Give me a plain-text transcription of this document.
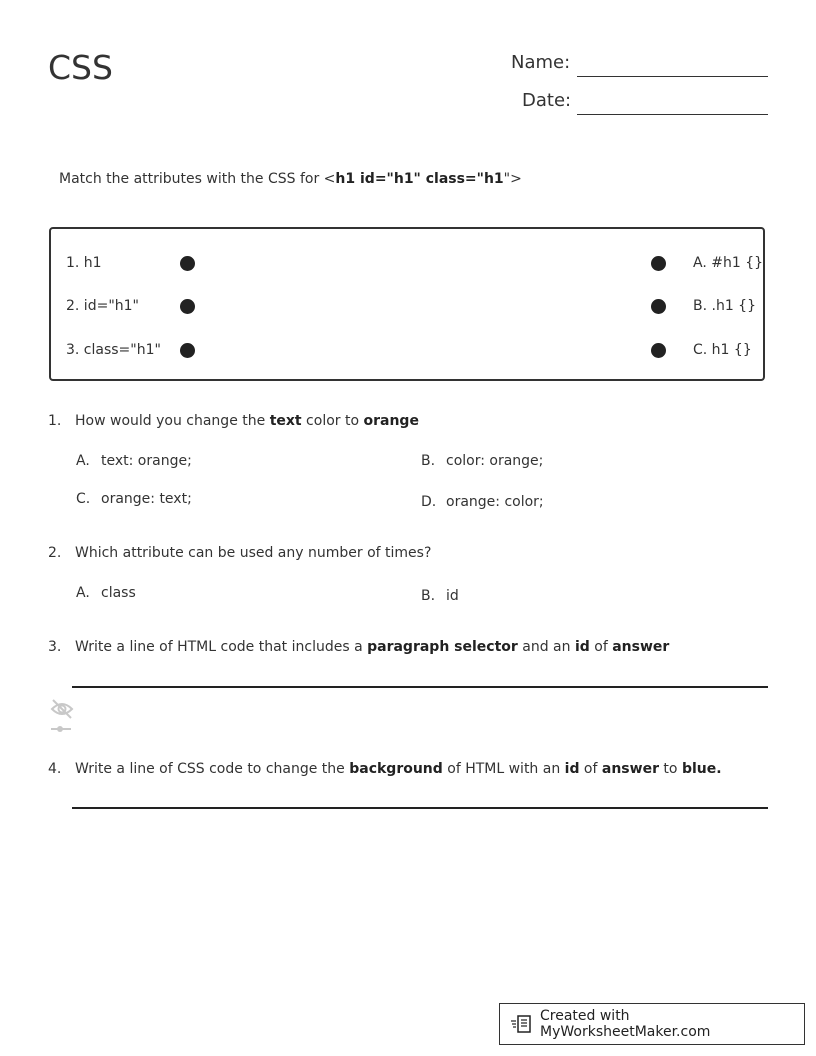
CSS	Name:
Date:
Match the attributes with the CSS for <h1 id="h1" class="h1">
1. h1
2. id="h1"
3. class="h1"
A. #h1 {}
B. .h1 {}
C. h1 {}
1. How would you change the text color to orange
A. text: orange;	B. color: orange;
C. orange: text;	D. orange: color;
2. Which attribute can be used any number of times?
A. class	B. id
3. Write a line of HTML code that includes a paragraph selector and an id of answer
4. Write a line of CSS code to change the background of HTML with an id of answer to blue.
Created with MyWorksheetMaker.com
